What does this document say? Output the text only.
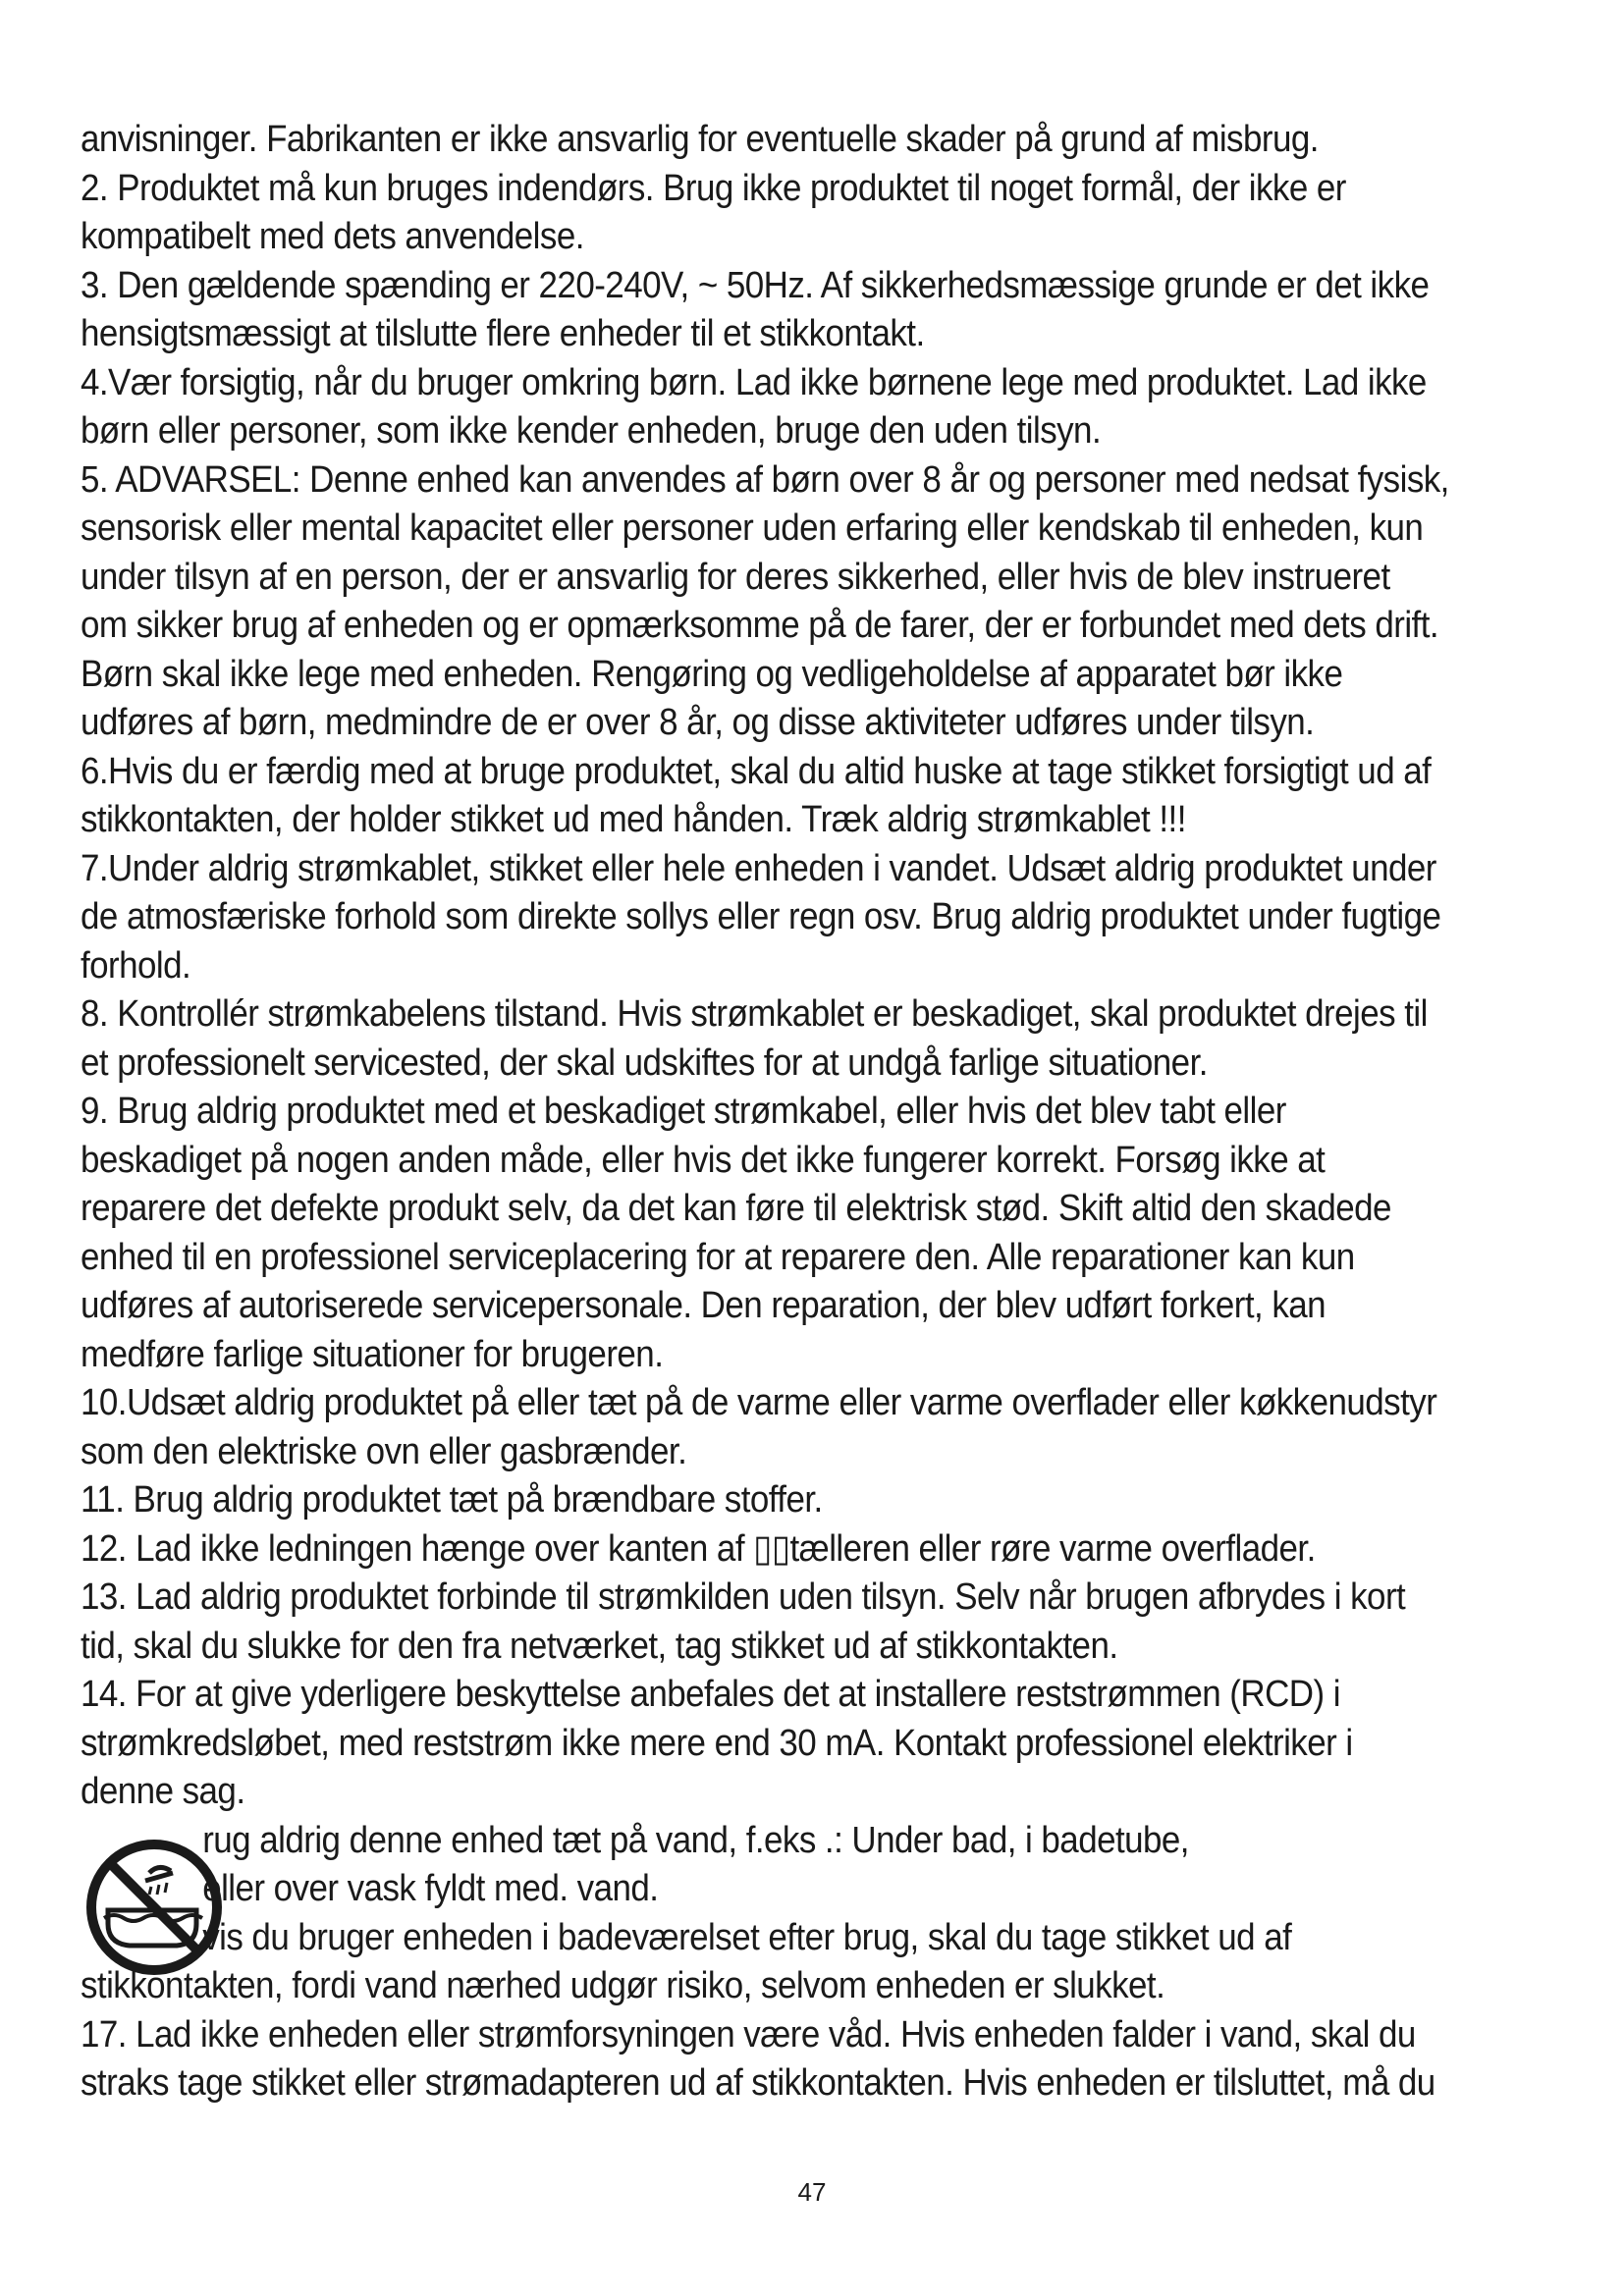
anvisninger. Fabrikanten er ikke ansvarlig for eventuelle skader på grund af misbrug.
2. Produktet må kun bruges indendørs. Brug ikke produktet til noget formål, der ikke er
kompatibelt med dets anvendelse.
3. Den gældende spænding er 220-240V, ~ 50Hz. Af sikkerhedsmæssige grunde er det ikke
hensigtsmæssigt at tilslutte flere enheder til et stikkontakt.
4.Vær forsigtig, når du bruger omkring børn. Lad ikke børnene lege med produktet. Lad ikke
børn eller personer, som ikke kender enheden, bruge den uden tilsyn.
5. ADVARSEL: Denne enhed kan anvendes af børn over 8 år og personer med nedsat fysisk,
sensorisk eller mental kapacitet eller personer uden erfaring eller kendskab til enheden, kun
under tilsyn af en person, der er ansvarlig for deres sikkerhed, eller hvis de blev instrueret
om sikker brug af enheden og er opmærksomme på de farer, der er forbundet med dets drift.
Børn skal ikke lege med enheden. Rengøring og vedligeholdelse af apparatet bør ikke
udføres af børn, medmindre de er over 8 år, og disse aktiviteter udføres under tilsyn.
6.Hvis du er færdig med at bruge produktet, skal du altid huske at tage stikket forsigtigt ud af
stikkontakten, der holder stikket ud med hånden. Træk aldrig strømkablet !!!
7.Under aldrig strømkablet, stikket eller hele enheden i vandet. Udsæt aldrig produktet under
de atmosfæriske forhold som direkte sollys eller regn osv. Brug aldrig produktet under fugtige
forhold.
8. Kontrollér strømkabelens tilstand. Hvis strømkablet er beskadiget, skal produktet drejes til
et professionelt servicested, der skal udskiftes for at undgå farlige situationer.
9. Brug aldrig produktet med et beskadiget strømkabel, eller hvis det blev tabt eller
beskadiget på nogen anden måde, eller hvis det ikke fungerer korrekt. Forsøg ikke at
reparere det defekte produkt selv, da det kan føre til elektrisk stød. Skift altid den skadede
enhed til en professionel serviceplacering for at reparere den. Alle reparationer kan kun
udføres af autoriserede servicepersonale. Den reparation, der blev udført forkert, kan
medføre farlige situationer for brugeren.
10.Udsæt aldrig produktet på eller tæt på de varme eller varme overflader eller køkkenudstyr
som den elektriske ovn eller gasbrænder.
11. Brug aldrig produktet tæt på brændbare stoffer.
12. Lad ikke ledningen hænge over kanten af ▯▯tælleren eller røre varme overflader.
13. Lad aldrig produktet forbinde til strømkilden uden tilsyn. Selv når brugen afbrydes i kort
tid, skal du slukke for den fra netværket, tag stikket ud af stikkontakten.
14. For at give yderligere beskyttelse anbefales det at installere reststrømmen (RCD) i
strømkredsløbet, med reststrøm ikke mere end 30 mA. Kontakt professionel elektriker i
denne sag.
rug aldrig denne enhed tæt på vand, f.eks .: Under bad, i badetube,
eller over vask fyldt med. vand.
vis du bruger enheden i badeværelset efter brug, skal du tage stikket ud af
stikkontakten, fordi vand nærhed udgør risiko, selvom enheden er slukket.
17. Lad ikke enheden eller strømforsyningen være våd. Hvis enheden falder i vand, skal du
straks tage stikket eller strømadapteren ud af stikkontakten. Hvis enheden er tilsluttet, må du
47
